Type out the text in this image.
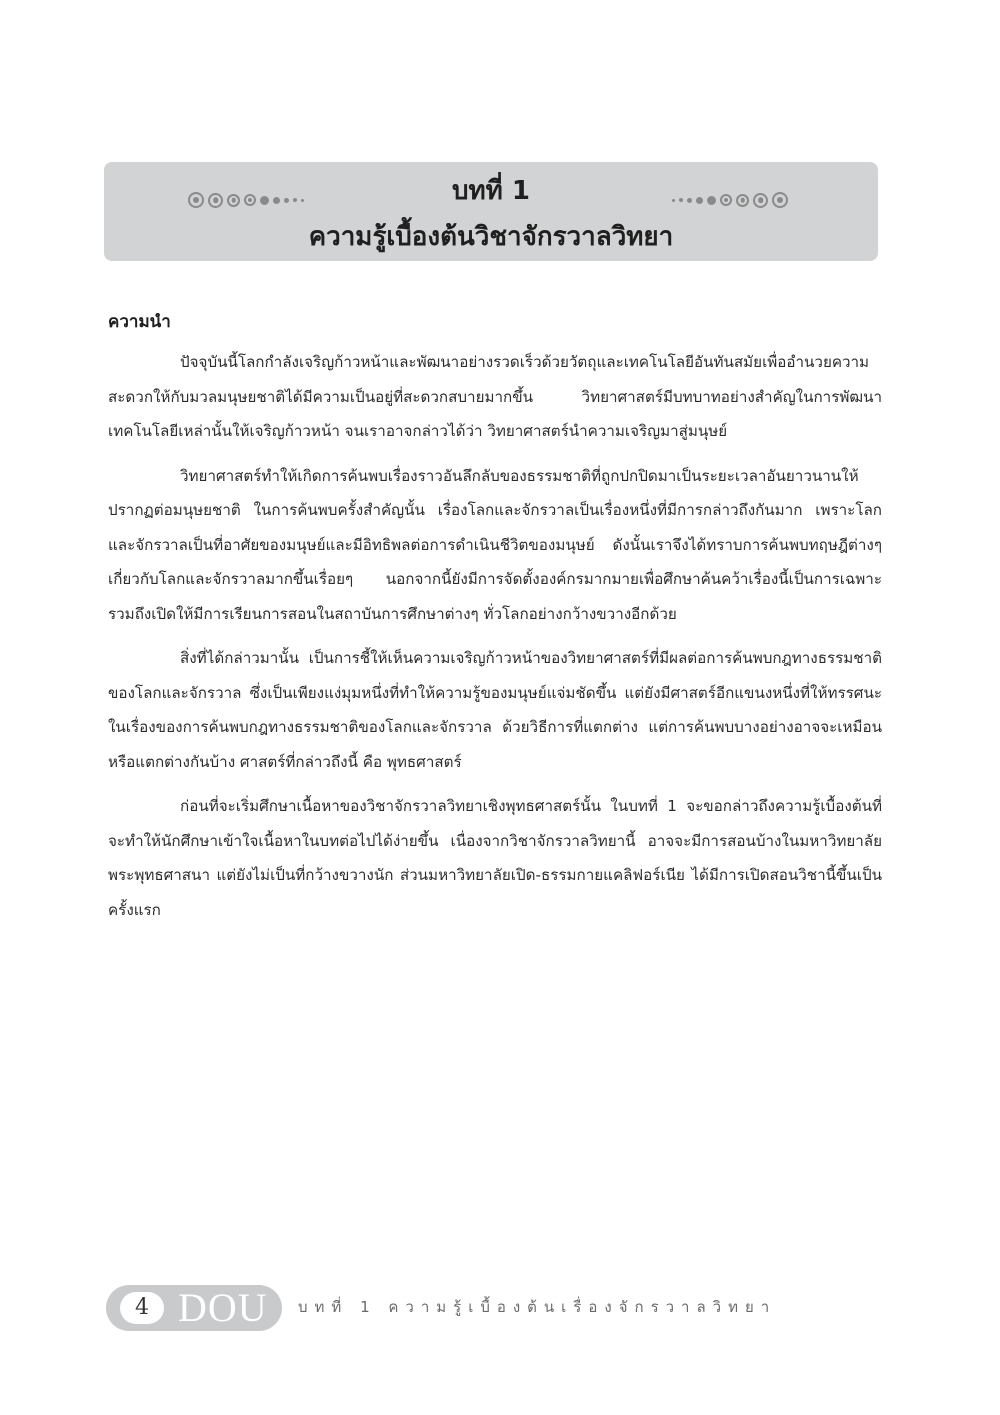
บทที่ 1
ความรู้เบื้องต้นวิชาจักรวาลวิทยา
ความนำ

ปัจจุบันนี้โลกกำลังเจริญก้าวหน้าและพัฒนาอย่างรวดเร็วด้วยวัตถุและเทคโนโลยีอันทันสมัยเพื่ออำนวยความสะดวกให้กับมวลมนุษยชาติได้มีความเป็นอยู่ที่สะดวกสบายมากขึ้น วิทยาศาสตร์มีบทบาทอย่างสำคัญในการพัฒนาเทคโนโลยีเหล่านั้นให้เจริญก้าวหน้า จนเราอาจกล่าวได้ว่า วิทยาศาสตร์นำความเจริญมาสู่มนุษย์

วิทยาศาสตร์ทำให้เกิดการค้นพบเรื่องราวอันลึกลับของธรรมชาติที่ถูกปกปิดมาเป็นระยะเวลาอันยาวนานให้ปรากฏต่อมนุษยชาติ ในการค้นพบครั้งสำคัญนั้น เรื่องโลกและจักรวาลเป็นเรื่องหนึ่งที่มีการกล่าวถึงกันมาก เพราะโลกและจักรวาลเป็นที่อาศัยของมนุษย์และมีอิทธิพลต่อการดำเนินชีวิตของมนุษย์ ดังนั้นเราจึงได้ทราบการค้นพบทฤษฎีต่างๆ เกี่ยวกับโลกและจักรวาลมากขึ้นเรื่อยๆ นอกจากนี้ยังมีการจัดตั้งองค์กรมากมายเพื่อศึกษาค้นคว้าเรื่องนี้เป็นการเฉพาะ รวมถึงเปิดให้มีการเรียนการสอนในสถาบันการศึกษาต่างๆ ทั่วโลกอย่างกว้างขวางอีกด้วย

สิ่งที่ได้กล่าวมานั้น เป็นการชี้ให้เห็นความเจริญก้าวหน้าของวิทยาศาสตร์ที่มีผลต่อการค้นพบกฎทางธรรมชาติของโลกและจักรวาล ซึ่งเป็นเพียงแง่มุมหนึ่งที่ทำให้ความรู้ของมนุษย์แจ่มชัดขึ้น แต่ยังมีศาสตร์อีกแขนงหนึ่งที่ให้ทรรศนะในเรื่องของการค้นพบกฎทางธรรมชาติของโลกและจักรวาล ด้วยวิธีการที่แตกต่าง แต่การค้นพบบางอย่างอาจจะเหมือนหรือแตกต่างกันบ้าง ศาสตร์ที่กล่าวถึงนี้ คือ พุทธศาสตร์

ก่อนที่จะเริ่มศึกษาเนื้อหาของวิชาจักรวาลวิทยาเชิงพุทธศาสตร์นั้น ในบทที่ 1 จะขอกล่าวถึงความรู้เบื้องต้นที่จะทำให้นักศึกษาเข้าใจเนื้อหาในบทต่อไปได้ง่ายขึ้น เนื่องจากวิชาจักรวาลวิทยานี้ อาจจะมีการสอนบ้างในมหาวิทยาลัยพระพุทธศาสนา แต่ยังไม่เป็นที่กว้างขวางนัก ส่วนมหาวิทยาลัยเปิด-ธรรมกายแคลิฟอร์เนีย ได้มีการเปิดสอนวิชานี้ขึ้นเป็นครั้งแรก

4 DOU บทที่ 1 ความรู้เบื้องต้นเรื่องจักรวาลวิทยา
